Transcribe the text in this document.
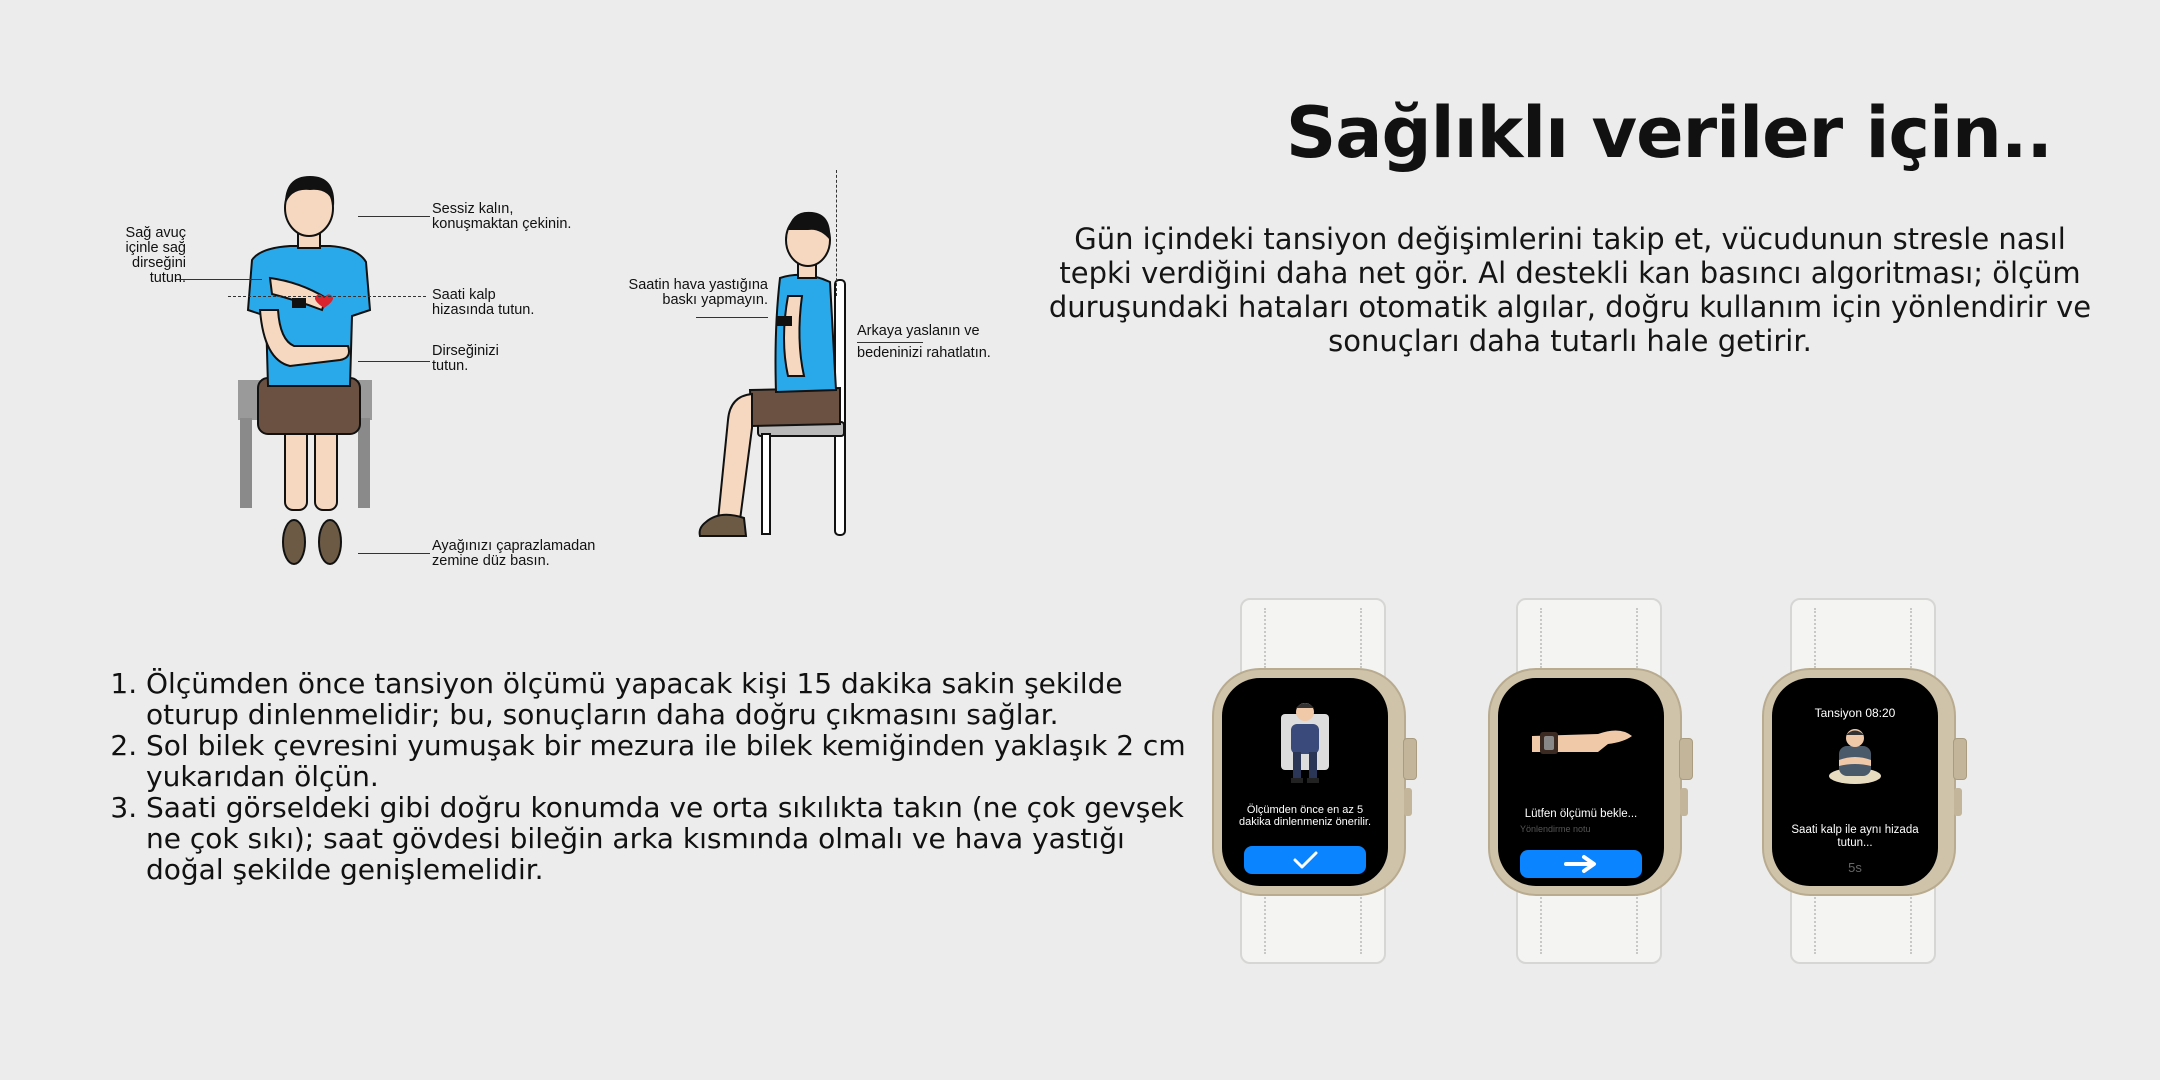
Sağlıklı veriler için..
Gün içindeki tansiyon değişimlerini takip et, vücudunun stresle nasıl tepki verdiğini daha net gör. Al destekli kan basıncı algoritması; ölçüm duruşundaki hataları otomatik algılar, doğru kullanım için yönlendirir ve sonuçları daha tutarlı hale getirir.
Sağ avuç
içinle sağ
dirseğini
tutun.
Sessiz kalın,
konuşmaktan çekinin.
Saati kalp
hizasında tutun.
Dirseğinizi
tutun.
Ayağınızı çaprazlamadan
zemine düz basın.
Saatin hava yastığına
baskı yapmayın.
Arkaya yaslanın ve
bedeninizi rahatlatın.
1. Ölçümden önce tansiyon ölçümü yapacak kişi 15 dakika sakin şekilde oturup dinlenmelidir; bu, sonuçların daha doğru çıkmasını sağlar.
2. Sol bilek çevresini yumuşak bir mezura ile bilek kemiğinden yaklaşık 2 cm yukarıdan ölçün.
3. Saati görseldeki gibi doğru konumda ve orta sıkılıkta takın (ne çok gevşek ne çok sıkı); saat gövdesi bileğin arka kısmında olmalı ve hava yastığı doğal şekilde genişlemelidir.
Ölçümden önce en az 5
dakika dinlenmeniz önerilir.
Lütfen ölçümü bekle...
Yönlendirme notu
Tansiyon 08:20
Saati kalp ile aynı hizada
tutun...
5s
